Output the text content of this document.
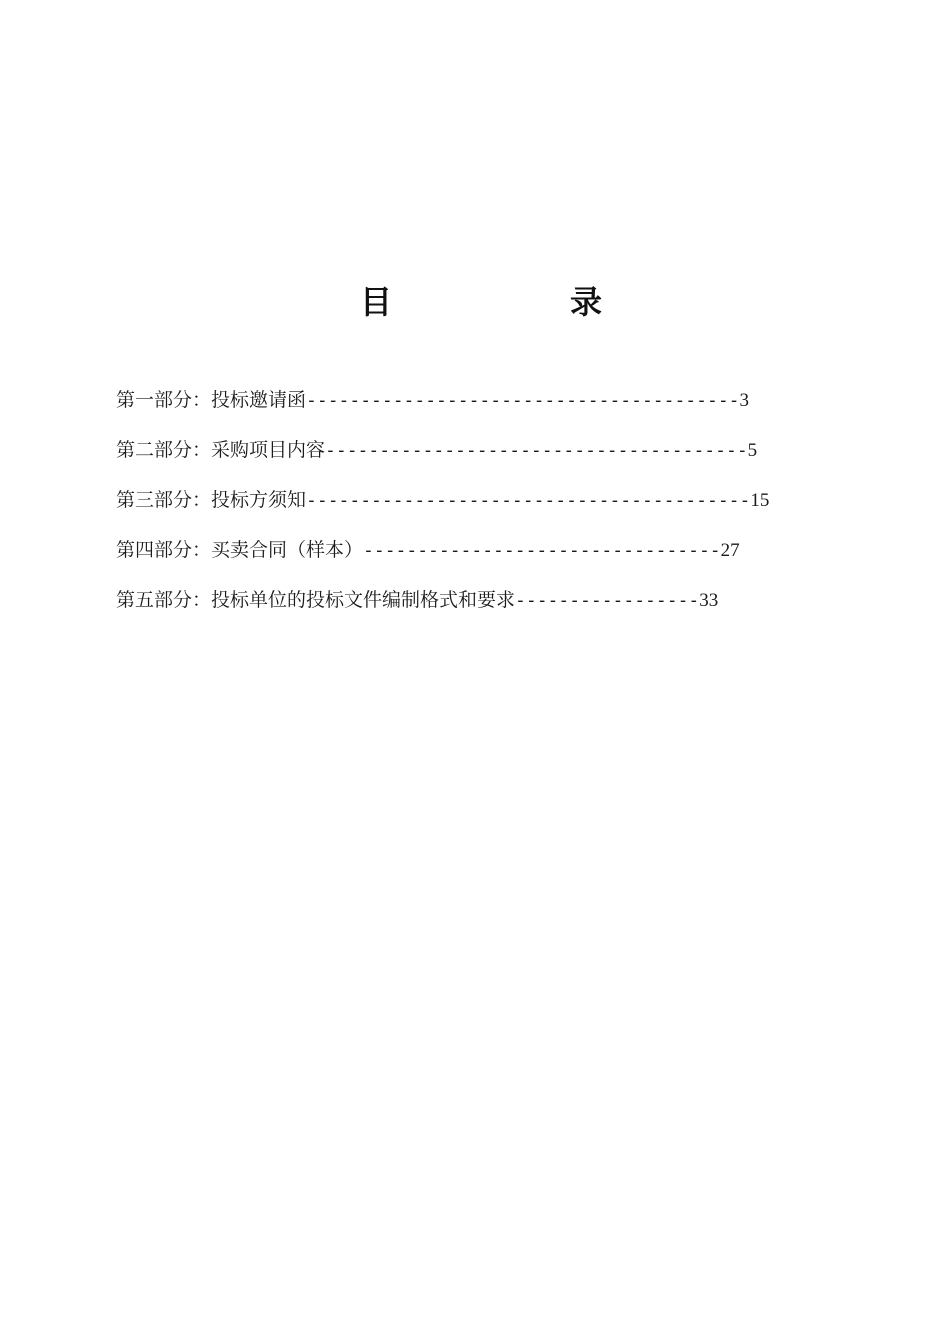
目	录
第一部分：投标邀请函----------------------------------------3
第二部分：采购项目内容---------------------------------------5
第三部分：投标方须知-----------------------------------------15
第四部分：买卖合同（样本）---------------------------------27
第五部分：投标单位的投标文件编制格式和要求-----------------33
